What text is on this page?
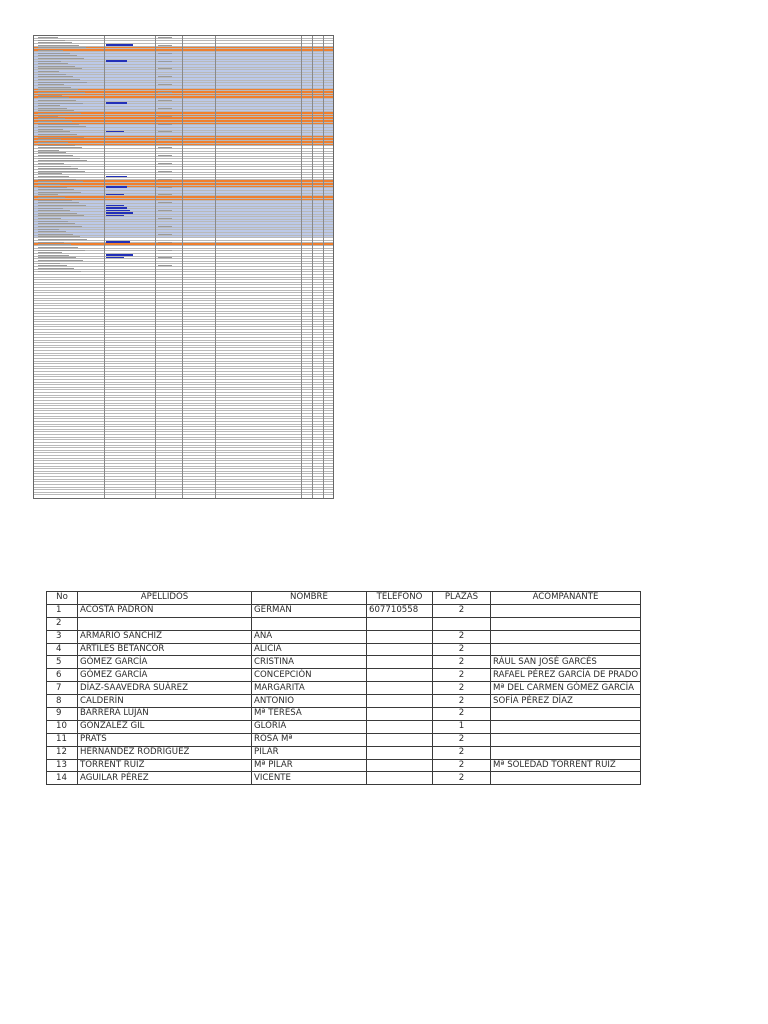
No	APELLIDOS	NOMBRE	TELEFONO	PLAZAS	ACOMPAÑANTE
1	ACOSTA PADRÓN	GERMÁN	607710558	2	
2					
3	ARMARIO SÁNCHIZ	ANA		2	
4	ARTILES BETANCOR	ALICIA		2	
5	GÓMEZ GARCÍA	CRISTINA		2	RÁUL SAN JOSÉ GARCÉS
6	GÓMEZ GARCÍA	CONCEPCIÓN		2	RAFAEL PÉREZ GARCÍA DE PRADO
7	DÍAZ-SAAVEDRA SUÁREZ	MARGARITA		2	Mª DEL CARMEN GÓMEZ GARCÍA
8	CALDERÍN	ANTONIO		2	SOFÍA PÉREZ DÍAZ
9	BARRERA LUJÁN	Mª TERESA		2	
10	GONZÁLEZ GIL	GLORIA		1	
11	PRATS	ROSA Mª		2	
12	HERNÁNDEZ RODRÍGUEZ	PILAR		2	
13	TORRENT RUIZ	Mª PILAR		2	Mª SOLEDAD TORRENT RUIZ
14	AGUILAR PÉREZ	VICENTE		2	
